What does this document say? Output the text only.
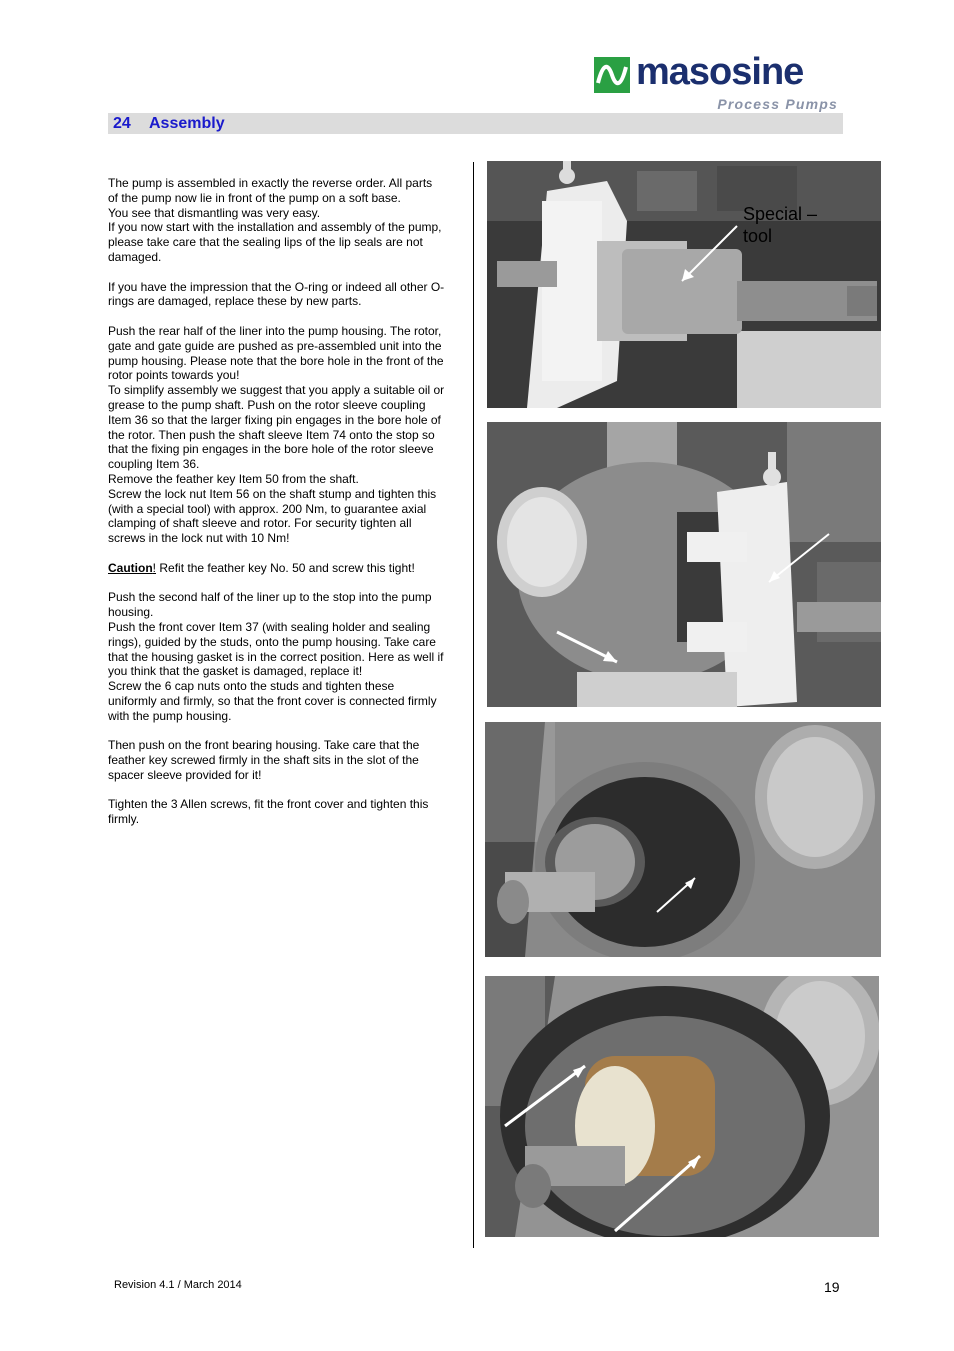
masosine
Process Pumps
24 Assembly

The pump is assembled in exactly the reverse order. All parts
of the pump now lie in front of the pump on a soft base.
You see that dismantling was very easy.
If you now start with the installation and assembly of the pump,
please take care that the sealing lips of the lip seals are not
damaged.

If you have the impression that the O-ring or indeed all other O-
rings are damaged, replace these by new parts.

Push the rear half of the liner into the pump housing. The rotor,
gate and gate guide are pushed as pre-assembled unit into the
pump housing. Please note that the bore hole in the front of the
rotor points towards you!
To simplify assembly we suggest that you apply a suitable oil or
grease to the pump shaft. Push on the rotor sleeve coupling
Item 36 so that the larger fixing pin engages in the bore hole of
the rotor. Then push the shaft sleeve Item 74 onto the stop so
that the fixing pin engages in the bore hole of the rotor sleeve
coupling Item 36.
Remove the feather key Item 50 from the shaft.
Screw the lock nut Item 56 on the shaft stump and tighten this
(with a special tool) with approx. 200 Nm, to guarantee axial
clamping of shaft sleeve and rotor. For security tighten all
screws in the lock nut with 10 Nm!

Caution! Refit the feather key No. 50 and screw this tight!

Push the second half of the liner up to the stop into the pump
housing.
Push the front cover Item 37 (with sealing holder and sealing
rings), guided by the studs, onto the pump housing. Take care
that the housing gasket is in the correct position. Here as well if
you think that the gasket is damaged, replace it!
Screw the 6 cap nuts onto the studs and tighten these
uniformly and firmly, so that the front cover is connected firmly
with the pump housing.

Then push on the front bearing housing. Take care that the
feather key screwed firmly in the shaft sits in the slot of the
spacer sleeve provided for it!

Tighten the 3 Allen screws, fit the front cover and tighten this
firmly.

Special –
tool
Revision 4.1 / March 2014	19
